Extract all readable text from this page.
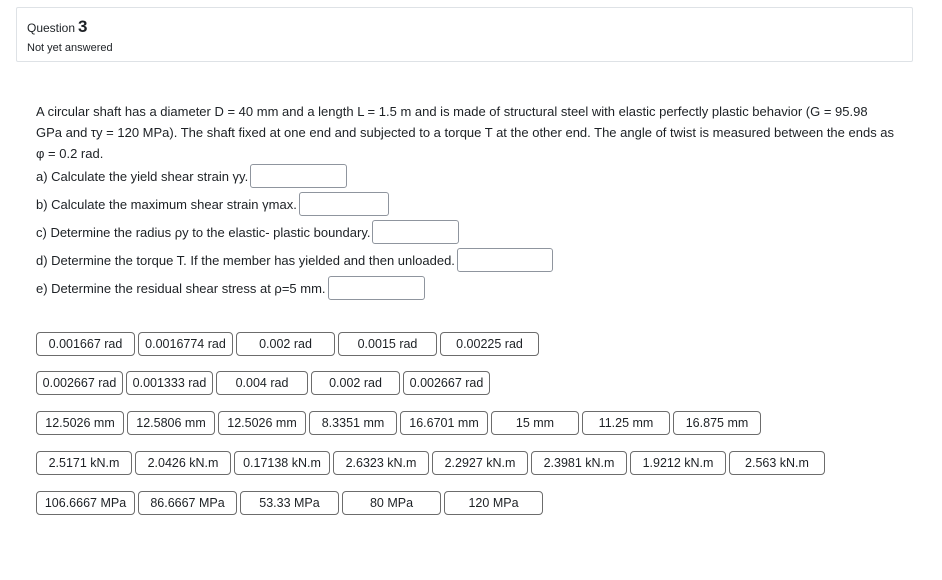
Question 3
Not yet answered
A circular shaft has a diameter D = 40 mm and a length L = 1.5 m and is made of structural steel with elastic perfectly plastic behavior (G = 95.98 GPa and τy = 120 MPa). The shaft fixed at one end and subjected to a torque T at the other end. The angle of twist is measured between the ends as φ = 0.2 rad.
a) Calculate the yield shear strain γy.
b) Calculate the maximum shear strain γmax.
c) Determine the radius ρy to the elastic- plastic boundary.
d) Determine the torque T. If the member has yielded and then unloaded.
e) Determine the residual shear stress at ρ=5 mm.
0.001667 rad	0.0016774 rad	0.002 rad	0.0015 rad	0.00225 rad
0.002667 rad	0.001333 rad	0.004 rad	0.002 rad	0.002667 rad
12.5026 mm	12.5806 mm	12.5026 mm	8.3351 mm	16.6701 mm	15 mm	11.25 mm	16.875 mm
2.5171 kN.m	2.0426 kN.m	0.17138 kN.m	2.6323 kN.m	2.2927 kN.m	2.3981 kN.m	1.9212 kN.m	2.563 kN.m
106.6667 MPa	86.6667 MPa	53.33 MPa	80 MPa	120 MPa
